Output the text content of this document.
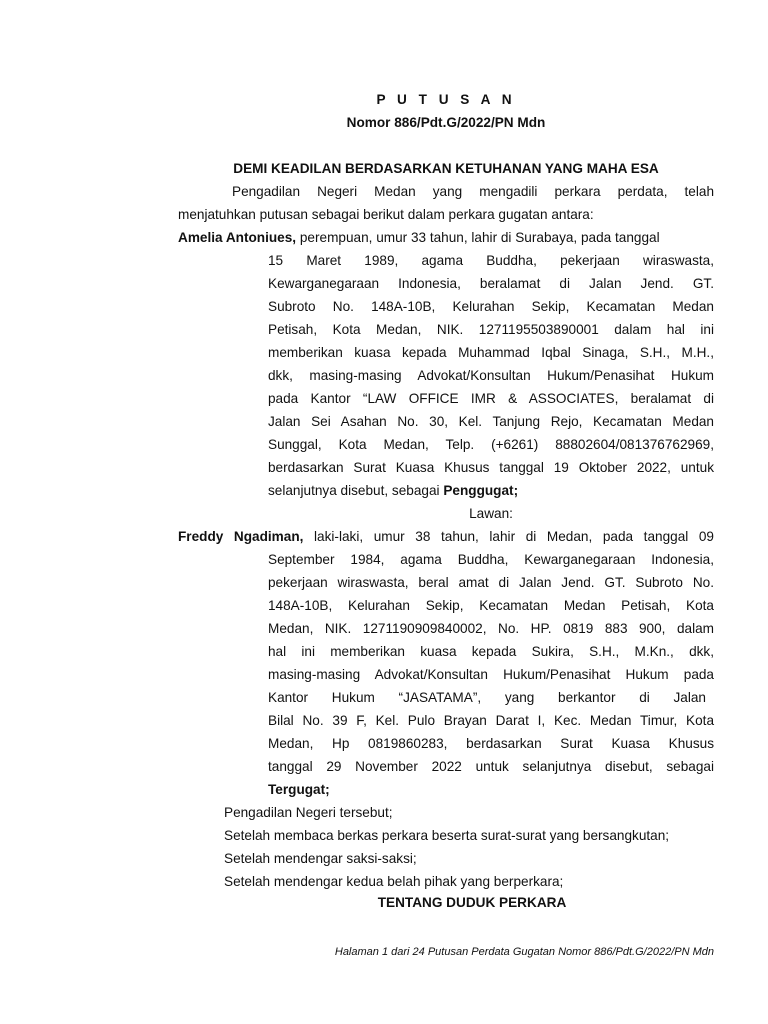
P U T U S A N
Nomor 886/Pdt.G/2022/PN Mdn
DEMI KEADILAN BERDASARKAN KETUHANAN YANG MAHA ESA
Pengadilan Negeri Medan yang mengadili perkara perdata, telah
menjatuhkan putusan sebagai berikut dalam perkara gugatan antara:
Amelia Antoniues, perempuan, umur 33 tahun, lahir di Surabaya, pada tanggal
15 Maret 1989, agama Buddha, pekerjaan wiraswasta,
Kewarganegaraan Indonesia, beralamat di Jalan Jend. GT.
Subroto No. 148A-10B, Kelurahan Sekip, Kecamatan Medan
Petisah, Kota Medan, NIK. 1271195503890001 dalam hal ini
memberikan kuasa kepada Muhammad Iqbal Sinaga, S.H., M.H.,
dkk, masing-masing Advokat/Konsultan Hukum/Penasihat Hukum
pada Kantor “LAW OFFICE IMR & ASSOCIATES, beralamat di
Jalan Sei Asahan No. 30, Kel. Tanjung Rejo, Kecamatan Medan
Sunggal, Kota Medan, Telp. (+6261) 88802604/081376762969,
berdasarkan Surat Kuasa Khusus tanggal 19 Oktober 2022, untuk
selanjutnya disebut, sebagai Penggugat;
Lawan:
Freddy Ngadiman, laki-laki, umur 38 tahun, lahir di Medan, pada tanggal 09
September 1984, agama Buddha, Kewarganegaraan Indonesia,
pekerjaan wiraswasta, beral amat di Jalan Jend. GT. Subroto No.
148A-10B, Kelurahan Sekip, Kecamatan Medan Petisah, Kota
Medan, NIK. 1271190909840002, No. HP. 0819 883 900, dalam
hal ini memberikan kuasa kepada Sukira, S.H., M.Kn., dkk,
masing-masing Advokat/Konsultan Hukum/Penasihat Hukum pada
Kantor Hukum “JASATAMA”, yang berkantor di Jalan
Bilal No. 39 F, Kel. Pulo Brayan Darat I, Kec. Medan Timur, Kota
Medan, Hp 0819860283, berdasarkan Surat Kuasa Khusus
tanggal 29 November 2022 untuk selanjutnya disebut, sebagai
Tergugat;
Pengadilan Negeri tersebut;
Setelah membaca berkas perkara beserta surat-surat yang bersangkutan;
Setelah mendengar saksi-saksi;
Setelah mendengar kedua belah pihak yang berperkara;
TENTANG DUDUK PERKARA
Halaman 1 dari 24 Putusan Perdata Gugatan Nomor 886/Pdt.G/2022/PN Mdn
